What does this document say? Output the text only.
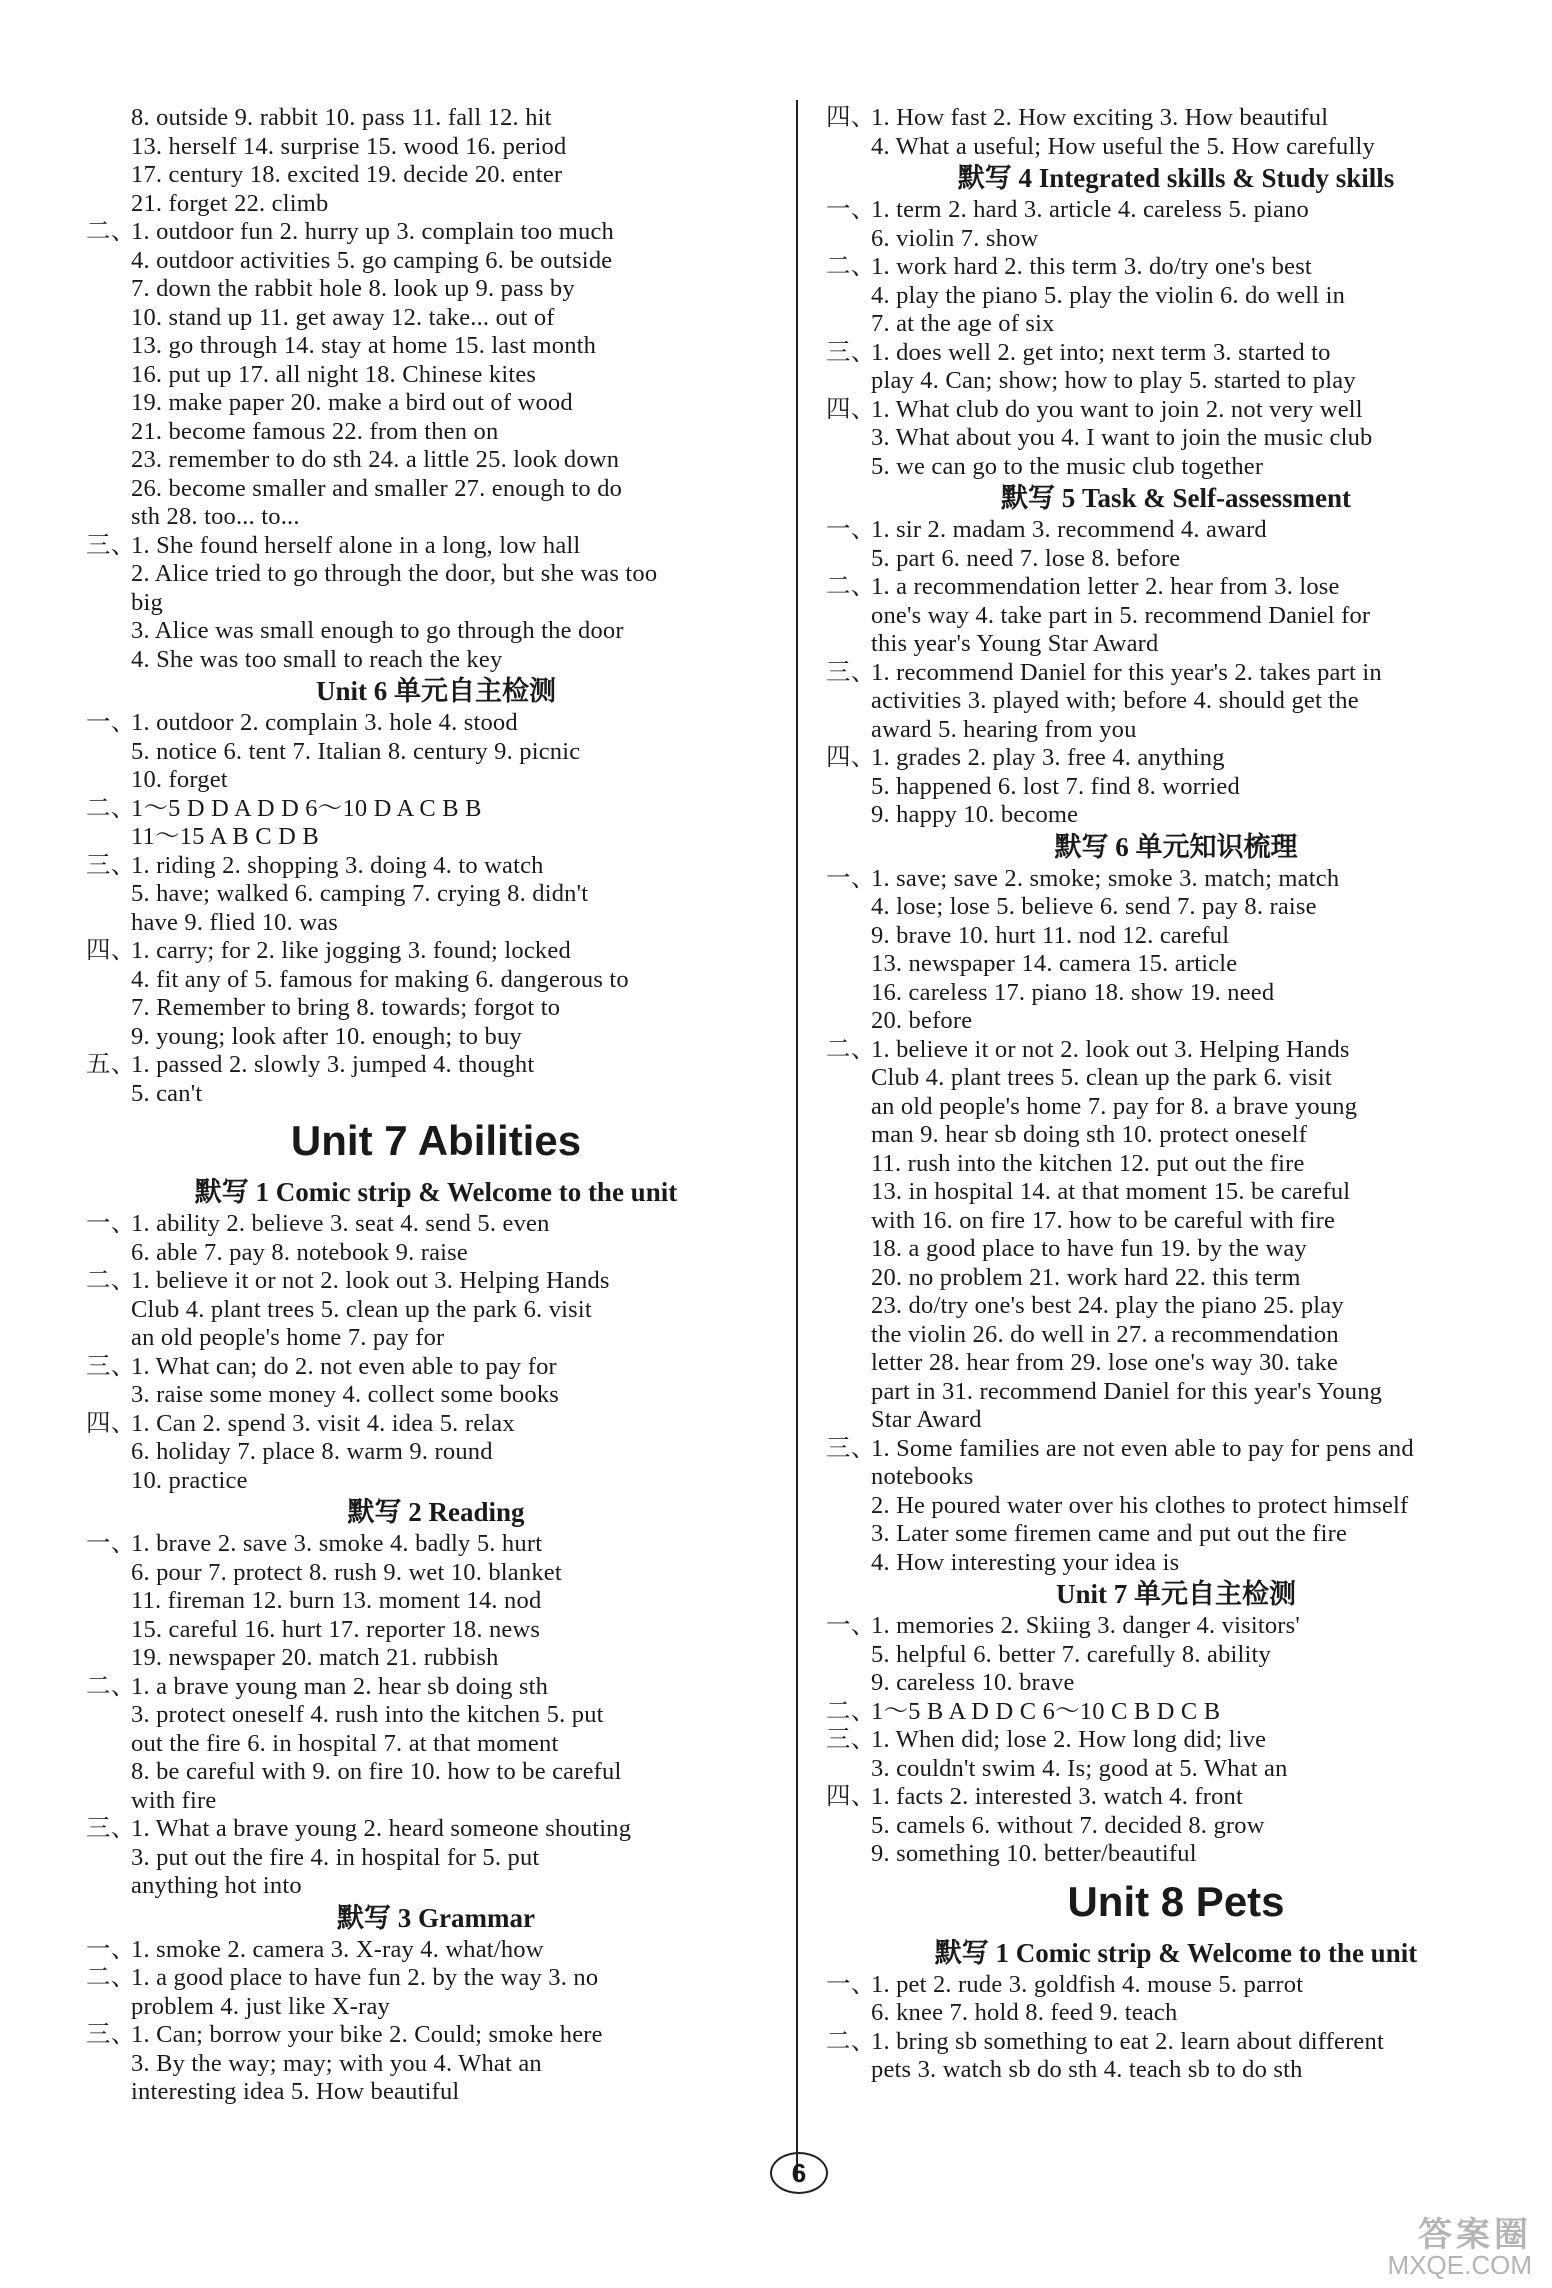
8. outside 9. rabbit 10. pass 11. fall 12. hit
13. herself 14. surprise 15. wood 16. period
17. century 18. excited 19. decide 20. enter
21. forget 22. climb
二、1. outdoor fun 2. hurry up 3. complain too much
4. outdoor activities 5. go camping 6. be outside
7. down the rabbit hole 8. look up 9. pass by
10. stand up 11. get away 12. take... out of
13. go through 14. stay at home 15. last month
16. put up 17. all night 18. Chinese kites
19. make paper 20. make a bird out of wood
21. become famous 22. from then on
23. remember to do sth 24. a little 25. look down
26. become smaller and smaller 27. enough to do
sth 28. too... to...
三、1. She found herself alone in a long, low hall
2. Alice tried to go through the door, but she was too
big
3. Alice was small enough to go through the door
4. She was too small to reach the key
Unit 6 单元自主检测
一、1. outdoor 2. complain 3. hole 4. stood
5. notice 6. tent 7. Italian 8. century 9. picnic
10. forget
二、1～5 D D A D D 6～10 D A C B B
11～15 A B C D B
三、1. riding 2. shopping 3. doing 4. to watch
5. have; walked 6. camping 7. crying 8. didn't
have 9. flied 10. was
四、1. carry; for 2. like jogging 3. found; locked
4. fit any of 5. famous for making 6. dangerous to
7. Remember to bring 8. towards; forgot to
9. young; look after 10. enough; to buy
五、1. passed 2. slowly 3. jumped 4. thought
5. can't
Unit 7 Abilities
默写 1 Comic strip & Welcome to the unit
一、1. ability 2. believe 3. seat 4. send 5. even
6. able 7. pay 8. notebook 9. raise
二、1. believe it or not 2. look out 3. Helping Hands
Club 4. plant trees 5. clean up the park 6. visit
an old people's home 7. pay for
三、1. What can; do 2. not even able to pay for
3. raise some money 4. collect some books
四、1. Can 2. spend 3. visit 4. idea 5. relax
6. holiday 7. place 8. warm 9. round
10. practice
默写 2 Reading
一、1. brave 2. save 3. smoke 4. badly 5. hurt
6. pour 7. protect 8. rush 9. wet 10. blanket
11. fireman 12. burn 13. moment 14. nod
15. careful 16. hurt 17. reporter 18. news
19. newspaper 20. match 21. rubbish
二、1. a brave young man 2. hear sb doing sth
3. protect oneself 4. rush into the kitchen 5. put
out the fire 6. in hospital 7. at that moment
8. be careful with 9. on fire 10. how to be careful
with fire
三、1. What a brave young 2. heard someone shouting
3. put out the fire 4. in hospital for 5. put
anything hot into
默写 3 Grammar
一、1. smoke 2. camera 3. X-ray 4. what/how
二、1. a good place to have fun 2. by the way 3. no
problem 4. just like X-ray
三、1. Can; borrow your bike 2. Could; smoke here
3. By the way; may; with you 4. What an
interesting idea 5. How beautiful
四、1. How fast 2. How exciting 3. How beautiful
4. What a useful; How useful the 5. How carefully
默写 4 Integrated skills & Study skills
一、1. term 2. hard 3. article 4. careless 5. piano
6. violin 7. show
二、1. work hard 2. this term 3. do/try one's best
4. play the piano 5. play the violin 6. do well in
7. at the age of six
三、1. does well 2. get into; next term 3. started to
play 4. Can; show; how to play 5. started to play
四、1. What club do you want to join 2. not very well
3. What about you 4. I want to join the music club
5. we can go to the music club together
默写 5 Task & Self-assessment
一、1. sir 2. madam 3. recommend 4. award
5. part 6. need 7. lose 8. before
二、1. a recommendation letter 2. hear from 3. lose
one's way 4. take part in 5. recommend Daniel for
this year's Young Star Award
三、1. recommend Daniel for this year's 2. takes part in
activities 3. played with; before 4. should get the
award 5. hearing from you
四、1. grades 2. play 3. free 4. anything
5. happened 6. lost 7. find 8. worried
9. happy 10. become
默写 6 单元知识梳理
一、1. save; save 2. smoke; smoke 3. match; match
4. lose; lose 5. believe 6. send 7. pay 8. raise
9. brave 10. hurt 11. nod 12. careful
13. newspaper 14. camera 15. article
16. careless 17. piano 18. show 19. need
20. before
二、1. believe it or not 2. look out 3. Helping Hands
Club 4. plant trees 5. clean up the park 6. visit
an old people's home 7. pay for 8. a brave young
man 9. hear sb doing sth 10. protect oneself
11. rush into the kitchen 12. put out the fire
13. in hospital 14. at that moment 15. be careful
with 16. on fire 17. how to be careful with fire
18. a good place to have fun 19. by the way
20. no problem 21. work hard 22. this term
23. do/try one's best 24. play the piano 25. play
the violin 26. do well in 27. a recommendation
letter 28. hear from 29. lose one's way 30. take
part in 31. recommend Daniel for this year's Young
Star Award
三、1. Some families are not even able to pay for pens and
notebooks
2. He poured water over his clothes to protect himself
3. Later some firemen came and put out the fire
4. How interesting your idea is
Unit 7 单元自主检测
一、1. memories 2. Skiing 3. danger 4. visitors'
5. helpful 6. better 7. carefully 8. ability
9. careless 10. brave
二、1～5 B A D D C 6～10 C B D C B
三、1. When did; lose 2. How long did; live
3. couldn't swim 4. Is; good at 5. What an
四、1. facts 2. interested 3. watch 4. front
5. camels 6. without 7. decided 8. grow
9. something 10. better/beautiful
Unit 8 Pets
默写 1 Comic strip & Welcome to the unit
一、1. pet 2. rude 3. goldfish 4. mouse 5. parrot
6. knee 7. hold 8. feed 9. teach
二、1. bring sb something to eat 2. learn about different
pets 3. watch sb do sth 4. teach sb to do sth
6
答案圈
MXQE.COM
